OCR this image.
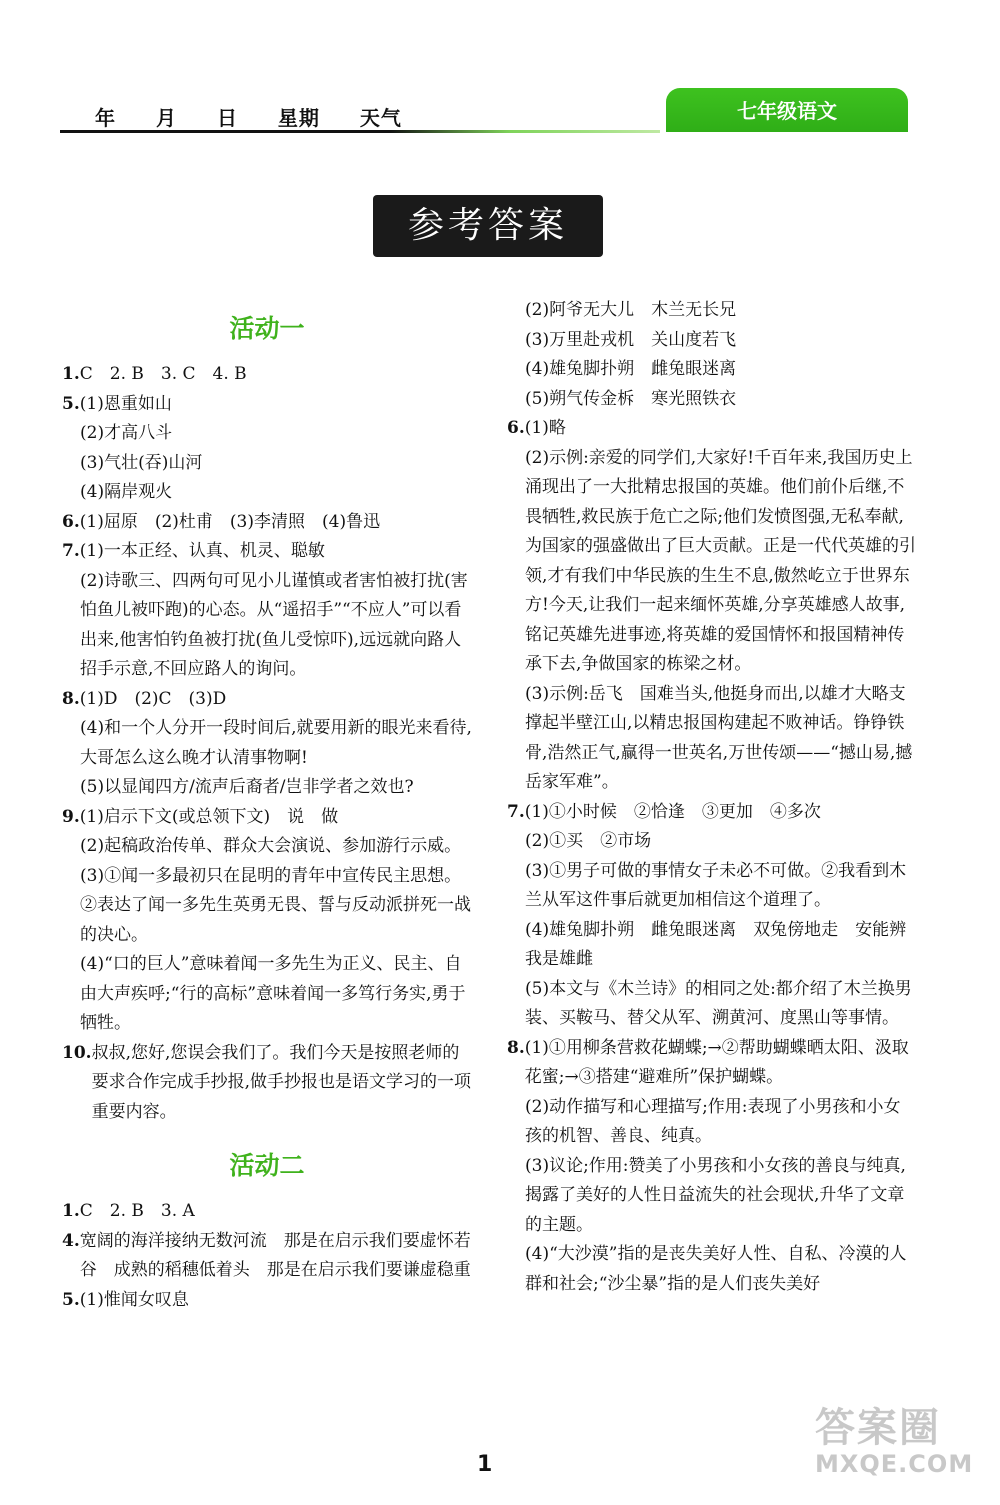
年 月 日 星期 天气	七年级语文
参考答案
活动一
1. C　2. B　3. C　4. B
5. (1)恩重如山
(2)才高八斗
(3)气壮(吞)山河
(4)隔岸观火
6. (1)屈原　(2)杜甫　(3)李清照　(4)鲁迅
7. (1)一本正经、认真、机灵、聪敏
(2)诗歌三、四两句可见小儿谨慎或者害怕被打扰(害怕鱼儿被吓跑)的心态。从“遥招手”“不应人”可以看出来,他害怕钓鱼被打扰(鱼儿受惊吓),远远就向路人招手示意,不回应路人的询问。
8. (1)D　(2)C　(3)D
(4)和一个人分开一段时间后,就要用新的眼光来看待,大哥怎么这么晚才认清事物啊!
(5)以显闻四方/流声后裔者/岂非学者之效也?
9. (1)启示下文(或总领下文)　说　做
(2)起稿政治传单、群众大会演说、参加游行示威。
(3)①闻一多最初只在昆明的青年中宣传民主思想。②表达了闻一多先生英勇无畏、誓与反动派拼死一战的决心。
(4)“口的巨人”意味着闻一多先生为正义、民主、自由大声疾呼;“行的高标”意味着闻一多笃行务实,勇于牺牲。
10. 叔叔,您好,您误会我们了。我们今天是按照老师的要求合作完成手抄报,做手抄报也是语文学习的一项重要内容。
活动二
1. C　2. B　3. A
4. 宽阔的海洋接纳无数河流　那是在启示我们要虚怀若谷　成熟的稻穗低着头　那是在启示我们要谦虚稳重
5. (1)惟闻女叹息
(2)阿爷无大儿　木兰无长兄
(3)万里赴戎机　关山度若飞
(4)雄兔脚扑朔　雌兔眼迷离
(5)朔气传金柝　寒光照铁衣
6. (1)略
(2)示例:亲爱的同学们,大家好!千百年来,我国历史上涌现出了一大批精忠报国的英雄。他们前仆后继,不畏牺牲,救民族于危亡之际;他们发愤图强,无私奉献,为国家的强盛做出了巨大贡献。正是一代代英雄的引领,才有我们中华民族的生生不息,傲然屹立于世界东方!今天,让我们一起来缅怀英雄,分享英雄感人故事,铭记英雄先进事迹,将英雄的爱国情怀和报国精神传承下去,争做国家的栋梁之材。
(3)示例:岳飞　国难当头,他挺身而出,以雄才大略支撑起半壁江山,以精忠报国构建起不败神话。铮铮铁骨,浩然正气,赢得一世英名,万世传颂——“撼山易,撼岳家军难”。
7. (1)①小时候　②恰逢　③更加　④多次
(2)①买　②市场
(3)①男子可做的事情女子未必不可做。②我看到木兰从军这件事后就更加相信这个道理了。
(4)雄兔脚扑朔　雌兔眼迷离　双兔傍地走　安能辨我是雄雌
(5)本文与《木兰诗》的相同之处:都介绍了木兰换男装、买鞍马、替父从军、溯黄河、度黑山等事情。
8. (1)①用柳条营救花蝴蝶;→②帮助蝴蝶晒太阳、汲取花蜜;→③搭建“避难所”保护蝴蝶。
(2)动作描写和心理描写;作用:表现了小男孩和小女孩的机智、善良、纯真。
(3)议论;作用:赞美了小男孩和小女孩的善良与纯真,揭露了美好的人性日益流失的社会现状,升华了文章的主题。
(4)“大沙漠”指的是丧失美好人性、自私、冷漠的人群和社会;“沙尘暴”指的是人们丧失美好
1
答案圈
MXQE.COM
